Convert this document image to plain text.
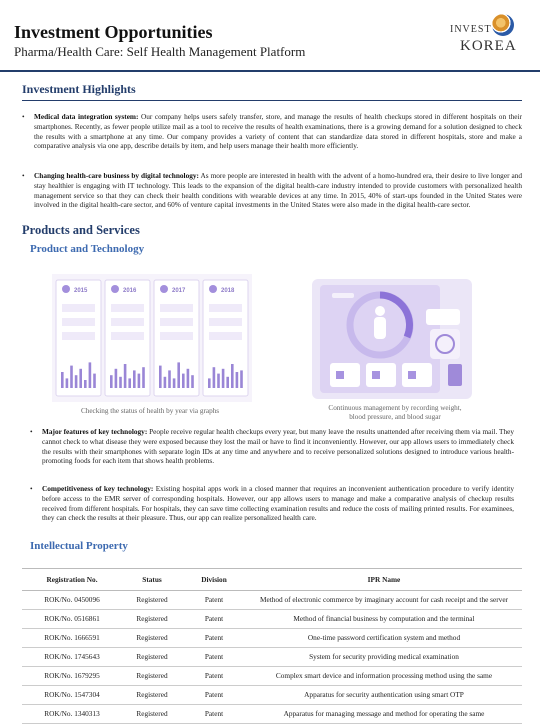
Investment Opportunities
Pharma/Health Care: Self Health Management Platform
INVEST
KOREA
Investment Highlights
• Medical data integration system: Our company helps users safely transfer, store, and manage the results of health checkups stored in different hospitals on their smartphones. Recently, as fewer people utilize mail as a tool to receive the results of health examinations, there is a growing demand for a solution designed to check the results with a smartphone at any time. Our company provides a variety of content that can standardize data stored in different hospitals, store and make a comparative analysis via one app, describe details by item, and help users manage their health more efficiently.
• Changing health-care business by digital technology: As more people are interested in health with the advent of a homo-hundred era, their desire to live longer and stay healthier is engaging with IT technology. This leads to the expansion of the digital health-care industry intended to provide customers with personalized health management service so that they can check their health conditions with wearable devices at any time. In 2015, 40% of start-ups founded in the United States were involved in the digital health-care sector, and 60% of venture capital investments in the United States were also made in the digital health-care sector.
Products and Services
Product and Technology
2015	2016	2017	2018
Checking the status of health by year via graphs	Continuous management by recording weight,
blood pressure, and blood sugar
• Major features of key technology: People receive regular health checkups every year, but many leave the results unattended after receiving them via mail. They cannot check to what disease they were exposed because they lost the mail or have to find it inconveniently. However, our app allows users to immediately check the results with their smartphones with separate login IDs at any time and anywhere and to receive personalized solutions designed to introduce various health-promoting foods for each item that shows health problems.
• Competitiveness of key technology: Existing hospital apps work in a closed manner that requires an inconvenient authentication procedure to verify identity before access to the EMR server of corresponding hospitals. However, our app allows users to manage and make a comparative analysis of checkup results received from different hospitals. For hospitals, they can save time collecting examination results and reduce the costs of mailing printed results. For examinees, they can check the results at their pleasure. Thus, our app can realize personalized health care.
Intellectual Property
Registration No.	Status	Division	IPR Name
ROK/No. 0450096	Registered	Patent	Method of electronic commerce by imaginary account for cash receipt and the server
ROK/No. 0516861	Registered	Patent	Method of financial business by computation and the terminal
ROK/No. 1666591	Registered	Patent	One-time password certification system and method
ROK/No. 1745643	Registered	Patent	System for security providing medical examination
ROK/No. 1679295	Registered	Patent	Complex smart device and information processing method using the same
ROK/No. 1547304	Registered	Patent	Apparatus for security authentication using smart OTP
ROK/No. 1340313	Registered	Patent	Apparatus for managing message and method for operating the same
